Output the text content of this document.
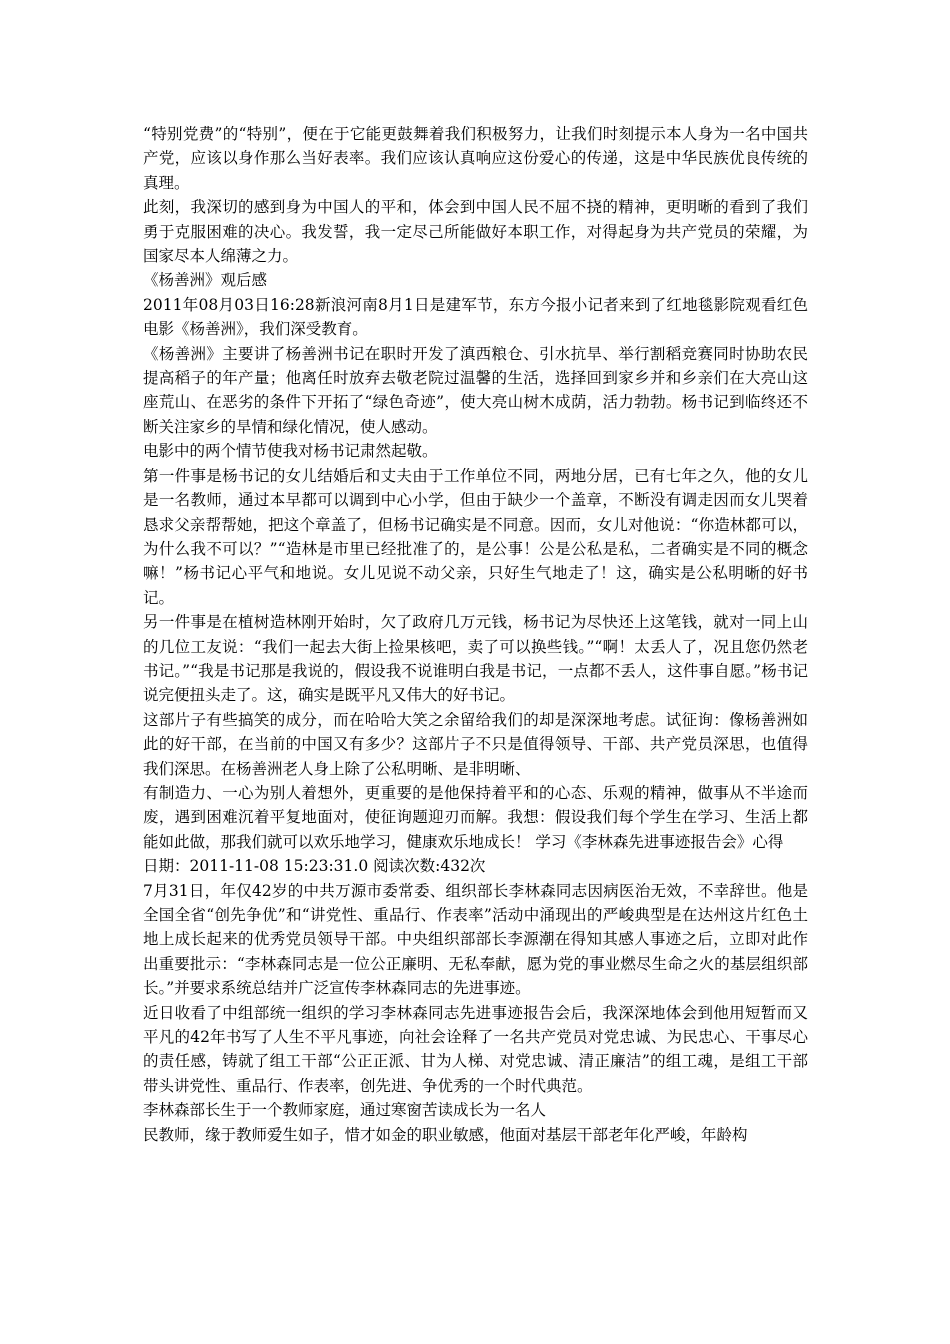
“特别党费”的“特别”，便在于它能更鼓舞着我们积极努力，让我们时刻提示本人身为一名中国共产党，应该以身作那么当好表率。我们应该认真响应这份爱心的传递，这是中华民族优良传统的真理。

此刻，我深切的感到身为中国人的平和，体会到中国人民不屈不挠的精神，更明晰的看到了我们勇于克服困难的决心。我发誓，我一定尽己所能做好本职工作，对得起身为共产党员的荣耀，为国家尽本人绵薄之力。

《杨善洲》观后感

2011年08月03日16:28新浪河南8月1日是建军节，东方今报小记者来到了红地毯影院观看红色电影《杨善洲》，我们深受教育。

《杨善洲》主要讲了杨善洲书记在职时开发了滇西粮仓、引水抗旱、举行割稻竞赛同时协助农民提高稻子的年产量；他离任时放弃去敬老院过温馨的生活，选择回到家乡并和乡亲们在大亮山这座荒山、在恶劣的条件下开拓了“绿色奇迹”，使大亮山树木成荫，活力勃勃。杨书记到临终还不断关注家乡的旱情和绿化情况，使人感动。

电影中的两个情节使我对杨书记肃然起敬。

第一件事是杨书记的女儿结婚后和丈夫由于工作单位不同，两地分居，已有七年之久，他的女儿是一名教师，通过本早都可以调到中心小学，但由于缺少一个盖章，不断没有调走因而女儿哭着恳求父亲帮帮她，把这个章盖了，但杨书记确实是不同意。因而，女儿对他说：“你造林都可以，为什么我不可以？”“造林是市里已经批准了的，是公事！公是公私是私，二者确实是不同的概念嘛！”杨书记心平气和地说。女儿见说不动父亲，只好生气地走了！这，确实是公私明晰的好书记。

另一件事是在植树造林刚开始时，欠了政府几万元钱，杨书记为尽快还上这笔钱，就对一同上山的几位工友说：“我们一起去大街上捡果核吧，卖了可以换些钱。”“啊！太丢人了，况且您仍然老书记。”“我是书记那是我说的，假设我不说谁明白我是书记，一点都不丢人，这件事自愿。”杨书记说完便扭头走了。这，确实是既平凡又伟大的好书记。

这部片子有些搞笑的成分，而在哈哈大笑之余留给我们的却是深深地考虑。试征询：像杨善洲如此的好干部，在当前的中国又有多少？这部片子不只是值得领导、干部、共产党员深思，也值得我们深思。在杨善洲老人身上除了公私明晰、是非明晰、

有制造力、一心为别人着想外，更重要的是他保持着平和的心态、乐观的精神，做事从不半途而废，遇到困难沉着平复地面对，使征询题迎刃而解。我想：假设我们每个学生在学习、生活上都能如此做，那我们就可以欢乐地学习，健康欢乐地成长！ 学习《李林森先进事迹报告会》心得

日期：2011-11-08 15:23:31.0 阅读次数:432次

7月31日，年仅42岁的中共万源市委常委、组织部长李林森同志因病医治无效，不幸辞世。他是全国全省“创先争优”和“讲党性、重品行、作表率”活动中涌现出的严峻典型是在达州这片红色土地上成长起来的优秀党员领导干部。中央组织部部长李源潮在得知其感人事迹之后，立即对此作出重要批示：“李林森同志是一位公正廉明、无私奉献，愿为党的事业燃尽生命之火的基层组织部长。”并要求系统总结并广泛宣传李林森同志的先进事迹。

近日收看了中组部统一组织的学习李林森同志先进事迹报告会后，我深深地体会到他用短暂而又平凡的42年书写了人生不平凡事迹，向社会诠释了一名共产党员对党忠诚、为民忠心、干事尽心的责任感，铸就了组工干部“公正正派、甘为人梯、对党忠诚、清正廉洁”的组工魂，是组工干部带头讲党性、重品行、作表率，创先进、争优秀的一个时代典范。

李林森部长生于一个教师家庭，通过寒窗苦读成长为一名人

民教师，缘于教师爱生如子，惜才如金的职业敏感，他面对基层干部老年化严峻，年龄构
